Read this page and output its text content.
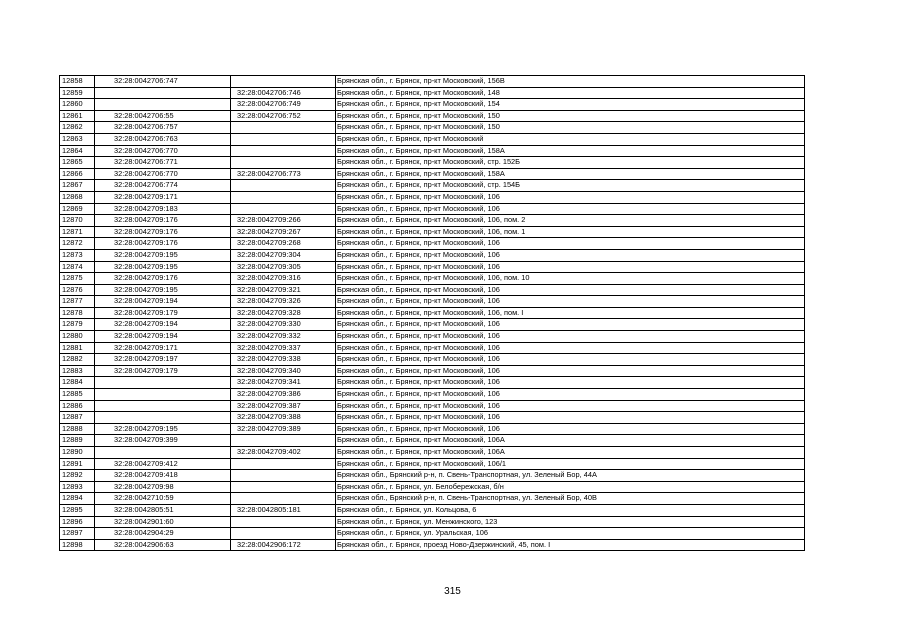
12858	32:28:0042706:747		Брянская обл., г. Брянск, пр-кт Московский, 156В
12859		32:28:0042706:746	Брянская обл., г. Брянск, пр-кт Московский, 148
12860		32:28:0042706:749	Брянская обл., г. Брянск, пр-кт Московский, 154
12861	32:28:0042706:55	32:28:0042706:752	Брянская обл., г. Брянск, пр-кт Московский, 150
12862	32:28:0042706:757		Брянская обл., г. Брянск, пр-кт Московский, 150
12863	32:28:0042706:763		Брянская обл., г. Брянск, пр-кт Московский
12864	32:28:0042706:770		Брянская обл., г. Брянск, пр-кт Московский, 158А
12865	32:28:0042706:771		Брянская обл., г. Брянск, пр-кт Московский, стр. 152Б
12866	32:28:0042706:770	32:28:0042706:773	Брянская обл., г. Брянск, пр-кт Московский, 158А
12867	32:28:0042706:774		Брянская обл., г. Брянск, пр-кт Московский, стр. 154Б
12868	32:28:0042709:171		Брянская обл., г. Брянск, пр-кт Московский, 106
12869	32:28:0042709:183		Брянская обл., г. Брянск, пр-кт Московский, 106
12870	32:28:0042709:176	32:28:0042709:266	Брянская обл., г. Брянск, пр-кт Московский, 106, пом. 2
12871	32:28:0042709:176	32:28:0042709:267	Брянская обл., г. Брянск, пр-кт Московский, 106, пом. 1
12872	32:28:0042709:176	32:28:0042709:268	Брянская обл., г. Брянск, пр-кт Московский, 106
12873	32:28:0042709:195	32:28:0042709:304	Брянская обл., г. Брянск, пр-кт Московский, 106
12874	32:28:0042709:195	32:28:0042709:305	Брянская обл., г. Брянск, пр-кт Московский, 106
12875	32:28:0042709:176	32:28:0042709:316	Брянская обл., г. Брянск, пр-кт Московский, 106, пом. 10
12876	32:28:0042709:195	32:28:0042709:321	Брянская обл., г. Брянск, пр-кт Московский, 106
12877	32:28:0042709:194	32:28:0042709:326	Брянская обл., г. Брянск, пр-кт Московский, 106
12878	32:28:0042709:179	32:28:0042709:328	Брянская обл., г. Брянск, пр-кт Московский, 106, пом. I
12879	32:28:0042709:194	32:28:0042709:330	Брянская обл., г. Брянск, пр-кт Московский, 106
12880	32:28:0042709:194	32:28:0042709:332	Брянская обл., г. Брянск, пр-кт Московский, 106
12881	32:28:0042709:171	32:28:0042709:337	Брянская обл., г. Брянск, пр-кт Московский, 106
12882	32:28:0042709:197	32:28:0042709:338	Брянская обл., г. Брянск, пр-кт Московский, 106
12883	32:28:0042709:179	32:28:0042709:340	Брянская обл., г. Брянск, пр-кт Московский, 106
12884		32:28:0042709:341	Брянская обл., г. Брянск, пр-кт Московский, 106
12885		32:28:0042709:386	Брянская обл., г. Брянск, пр-кт Московский, 106
12886		32:28:0042709:387	Брянская обл., г. Брянск, пр-кт Московский, 106
12887		32:28:0042709:388	Брянская обл., г. Брянск, пр-кт Московский, 106
12888	32:28:0042709:195	32:28:0042709:389	Брянская обл., г. Брянск, пр-кт Московский, 106
12889	32:28:0042709:399		Брянская обл., г. Брянск, пр-кт Московский, 106А
12890		32:28:0042709:402	Брянская обл., г. Брянск, пр-кт Московский, 106А
12891	32:28:0042709:412		Брянская обл., г. Брянск, пр-кт Московский, 106/1
12892	32:28:0042709:418		Брянская обл., Брянский р-н, п. Свень-Транспортная, ул. Зеленый Бор, 44А
12893	32:28:0042709:98		Брянская обл., г. Брянск, ул. Белобережская, б/н
12894	32:28:0042710:59		Брянская обл., Брянский р-н, п. Свень-Транспортная, ул. Зеленый Бор, 40В
12895	32:28:0042805:51	32:28:0042805:181	Брянская обл., г. Брянск, ул. Кольцова, 6
12896	32:28:0042901:60		Брянская обл., г. Брянск, ул. Менжинского, 123
12897	32:28:0042904:29		Брянская обл., г. Брянск, ул. Уральская, 106
12898	32:28:0042906:63	32:28:0042906:172	Брянская обл., г. Брянск, проезд Ново-Дзержинский, 45, пом. I
315
